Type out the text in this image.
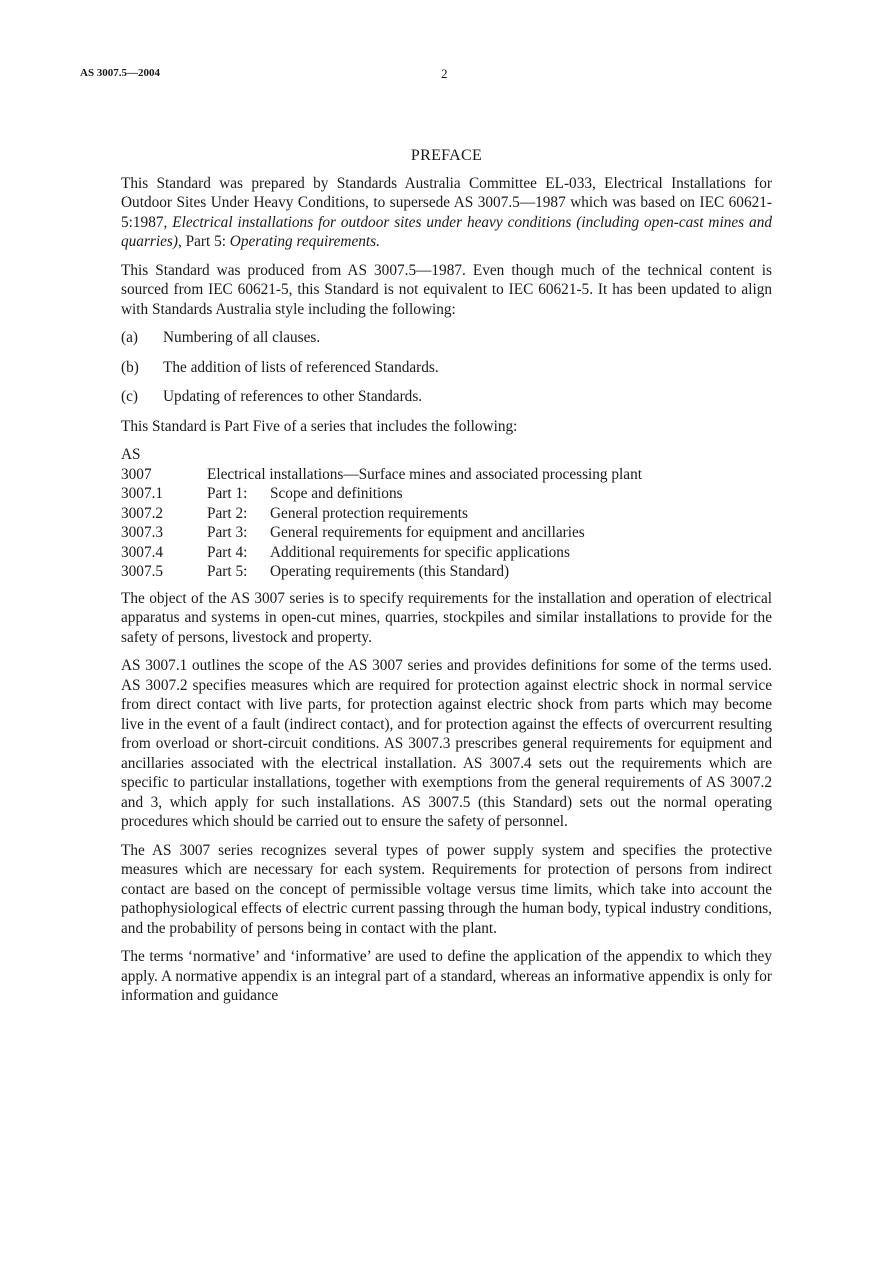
AS 3007.5—2004	2
PREFACE

This Standard was prepared by Standards Australia Committee EL-033, Electrical Installations for Outdoor Sites Under Heavy Conditions, to supersede AS 3007.5—1987 which was based on IEC 60621-5:1987, Electrical installations for outdoor sites under heavy conditions (including open-cast mines and quarries), Part 5: Operating requirements.

This Standard was produced from AS 3007.5—1987. Even though much of the technical content is sourced from IEC 60621-5, this Standard is not equivalent to IEC 60621-5. It has been updated to align with Standards Australia style including the following:

(a)	Numbering of all clauses.
(b)	The addition of lists of referenced Standards.
(c)	Updating of references to other Standards.

This Standard is Part Five of a series that includes the following:

AS
3007	Electrical installations—Surface mines and associated processing plant
3007.1	Part 1:	Scope and definitions
3007.2	Part 2:	General protection requirements
3007.3	Part 3:	General requirements for equipment and ancillaries
3007.4	Part 4:	Additional requirements for specific applications
3007.5	Part 5:	Operating requirements (this Standard)

The object of the AS 3007 series is to specify requirements for the installation and operation of electrical apparatus and systems in open-cut mines, quarries, stockpiles and similar installations to provide for the safety of persons, livestock and property.

AS 3007.1 outlines the scope of the AS 3007 series and provides definitions for some of the terms used. AS 3007.2 specifies measures which are required for protection against electric shock in normal service from direct contact with live parts, for protection against electric shock from parts which may become live in the event of a fault (indirect contact), and for protection against the effects of overcurrent resulting from overload or short-circuit conditions. AS 3007.3 prescribes general requirements for equipment and ancillaries associated with the electrical installation. AS 3007.4 sets out the requirements which are specific to particular installations, together with exemptions from the general requirements of AS 3007.2 and 3, which apply for such installations. AS 3007.5 (this Standard) sets out the normal operating procedures which should be carried out to ensure the safety of personnel.

The AS 3007 series recognizes several types of power supply system and specifies the protective measures which are necessary for each system. Requirements for protection of persons from indirect contact are based on the concept of permissible voltage versus time limits, which take into account the pathophysiological effects of electric current passing through the human body, typical industry conditions, and the probability of persons being in contact with the plant.

The terms ‘normative’ and ‘informative’ are used to define the application of the appendix to which they apply. A normative appendix is an integral part of a standard, whereas an informative appendix is only for information and guidance
